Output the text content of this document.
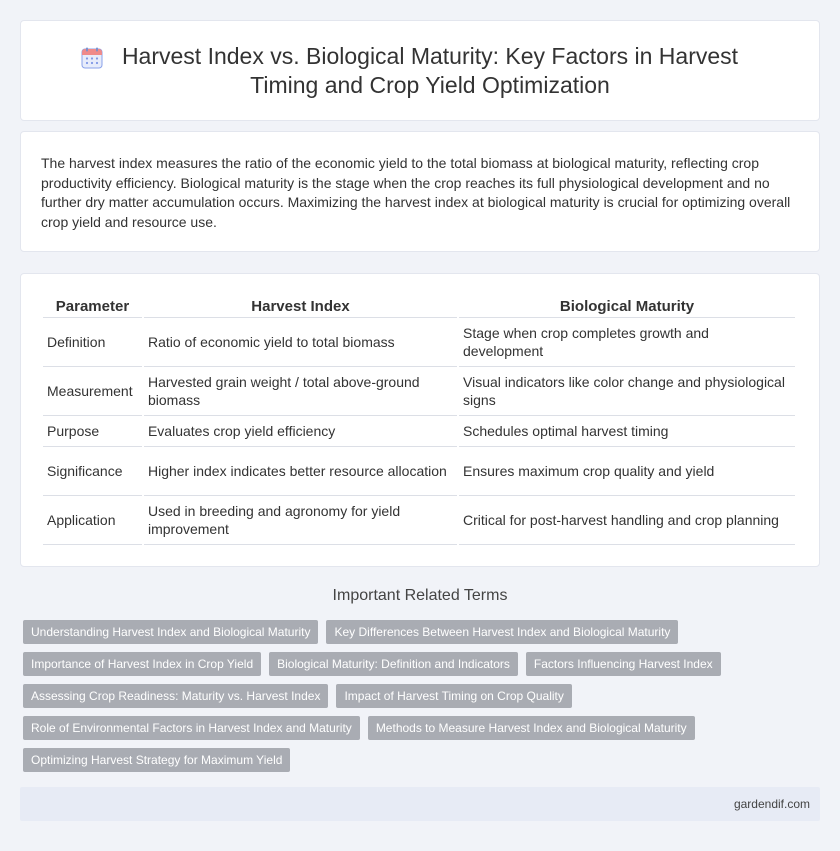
Harvest Index vs. Biological Maturity: Key Factors in Harvest Timing and Crop Yield Optimization

The harvest index measures the ratio of the economic yield to the total biomass at biological maturity, reflecting crop productivity efficiency. Biological maturity is the stage when the crop reaches its full physiological development and no further dry matter accumulation occurs. Maximizing the harvest index at biological maturity is crucial for optimizing overall crop yield and resource use.

Parameter	Harvest Index	Biological Maturity
Definition	Ratio of economic yield to total biomass	Stage when crop completes growth and development
Measurement	Harvested grain weight / total above-ground biomass	Visual indicators like color change and physiological signs
Purpose	Evaluates crop yield efficiency	Schedules optimal harvest timing
Significance	Higher index indicates better resource allocation	Ensures maximum crop quality and yield
Application	Used in breeding and agronomy for yield improvement	Critical for post-harvest handling and crop planning
Important Related Terms
Understanding Harvest Index and Biological Maturity	Key Differences Between Harvest Index and Biological Maturity
Importance of Harvest Index in Crop Yield	Biological Maturity: Definition and Indicators	Factors Influencing Harvest Index
Assessing Crop Readiness: Maturity vs. Harvest Index	Impact of Harvest Timing on Crop Quality
Role of Environmental Factors in Harvest Index and Maturity	Methods to Measure Harvest Index and Biological Maturity
Optimizing Harvest Strategy for Maximum Yield
gardendif.com
